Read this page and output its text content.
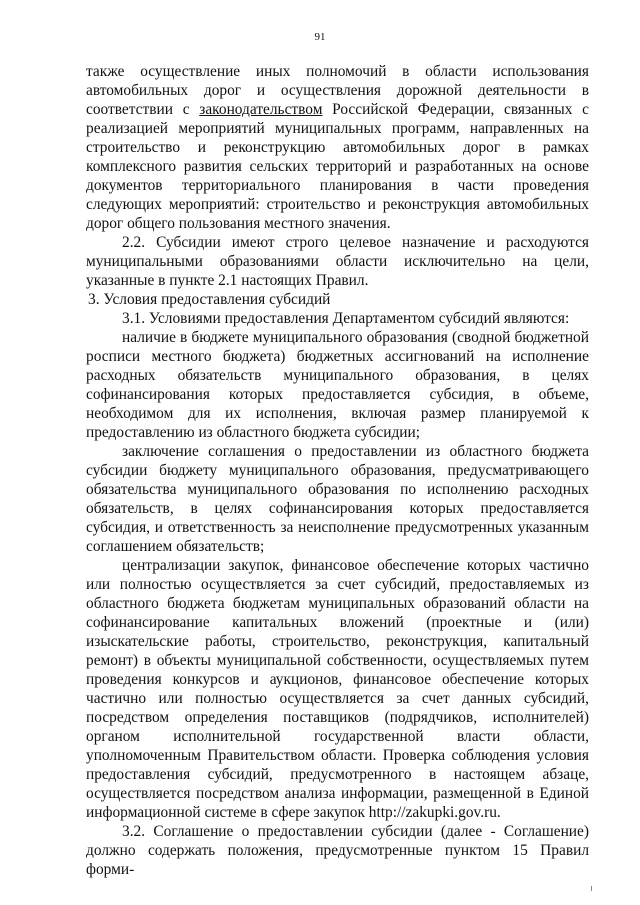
91

также осуществление иных полномочий в области использования автомобильных дорог и осуществления дорожной деятельности в соответствии с законодательством Российской Федерации, связанных с реализацией мероприятий муниципальных программ, направленных на строительство и реконструкцию автомобильных дорог в рамках комплексного развития сельских территорий и разработанных на основе документов территориального планирования в части проведения следующих мероприятий: строительство и реконструкция автомобильных дорог общего пользования местного значения.

2.2. Субсидии имеют строго целевое назначение и расходуются муниципальными образованиями области исключительно на цели, указанные в пункте 2.1 настоящих Правил.

3. Условия предоставления субсидий

3.1. Условиями предоставления Департаментом субсидий являются:

наличие в бюджете муниципального образования (сводной бюджетной росписи местного бюджета) бюджетных ассигнований на исполнение расходных обязательств муниципального образования, в целях софинансирования которых предоставляется субсидия, в объеме, необходимом для их исполнения, включая размер планируемой к предоставлению из областного бюджета субсидии;

заключение соглашения о предоставлении из областного бюджета субсидии бюджету муниципального образования, предусматривающего обязательства муниципального образования по исполнению расходных обязательств, в целях софинансирования которых предоставляется субсидия, и ответственность за неисполнение предусмотренных указанным соглашением обязательств;

централизации закупок, финансовое обеспечение которых частично или полностью осуществляется за счет субсидий, предоставляемых из областного бюджета бюджетам муниципальных образований области на софинансирование капитальных вложений (проектные и (или) изыскательские работы, строительство, реконструкция, капитальный ремонт) в объекты муниципальной собственности, осуществляемых путем проведения конкурсов и аукционов, финансовое обеспечение которых частично или полностью осуществляется за счет данных субсидий, посредством определения поставщиков (подрядчиков, исполнителей) органом исполнительной государственной власти области, уполномоченным Правительством области. Проверка соблюдения условия предоставления субсидий, предусмотренного в настоящем абзаце, осуществляется посредством анализа информации, размещенной в Единой информационной системе в сфере закупок http://zakupki.gov.ru.

3.2. Соглашение о предоставлении субсидии (далее - Соглашение) должно содержать положения, предусмотренные пунктом 15 Правил форми-
